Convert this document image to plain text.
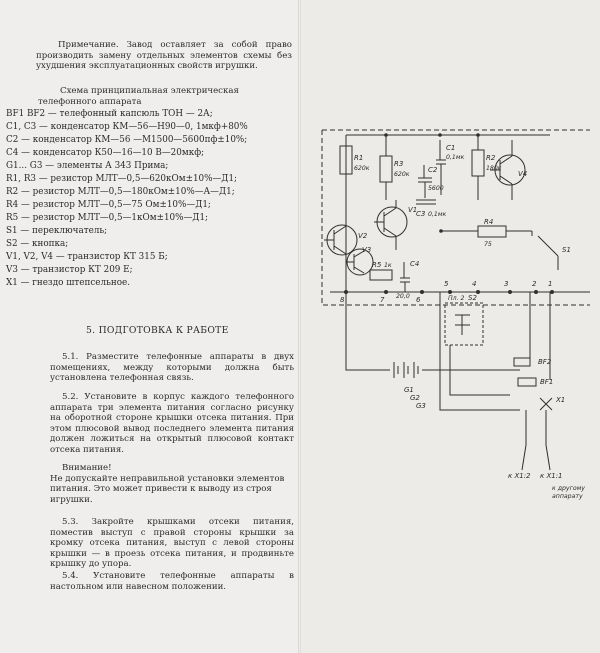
Примечание. Завод оставляет за собой право производить замену отдельных элементов схемы без ухудшения эксплуатационных свойств игрушки.
Схема принципиальная электрическая телефонного аппарата
BF1 BF2 — телефонный капсюль ТОН — 2А;
C1, C3 — конденсатор КМ—56—Н90—0, 1мкф+80%
C2 — конденсатор КМ—56 —М1500—5600пф±10%;
C4 — конденсатор К50—16—10 В—20мкф;
G1... G3 — элементы А 343 Прима;
R1, R3 — резистор МЛТ—0,5—620кОм±10%—Д1;
R2 — резистор МЛТ—0,5—180кОм±10%—А—Д1;
R4 — резистор МЛТ—0,5—75 Ом±10%—Д1;
R5 — резистор МЛТ—0,5—1кОм±10%—Д1;
S1 — переключатель;
S2 — кнопка;
V1, V2, V4 — транзистор КТ 315 Б;
V3 — транзистор КТ 209 Е;
X1 — гнездо штепсельное.
5. ПОДГОТОВКА К РАБОТЕ
5.1. Разместите телефонные аппараты в двух помещениях, между которыми должна быть установлена телефонная связь.
5.2. Установите в корпус каждого телефонного аппарата три элемента питания согласно рисунку на оборотной стороне крышки отсека питания. При этом плюсовой вывод последнего элемента питания должен ложиться на открытый плюсовой контакт отсека питания.
Внимание!
Не допускайте неправильной установки элементов питания. Это может привести к выводу из строя игрушки.
5.3. Закройте крышками отсеки питания, поместив выступ с правой стороны крышки за кромку отсека питания, выступ с левой стороны крышки — в проезь отсека питания, и продвиньте крышку до упора.
5.4. Установите телефонные аппараты в настольном или навесном положении.
R1
620к
R3
620к
C1
0,1мк
C2
5600
C3 0,1мк
R2
180к
V4
V1
V2
V3
R4
75
C4
20,0
R5 1к
S1
Пл. 2 S2
BF2
BF1
X1
G1
G2
G3
к X1:2 к X1:1
к другому
аппарату
8	7	6
5	4	3	2 1
